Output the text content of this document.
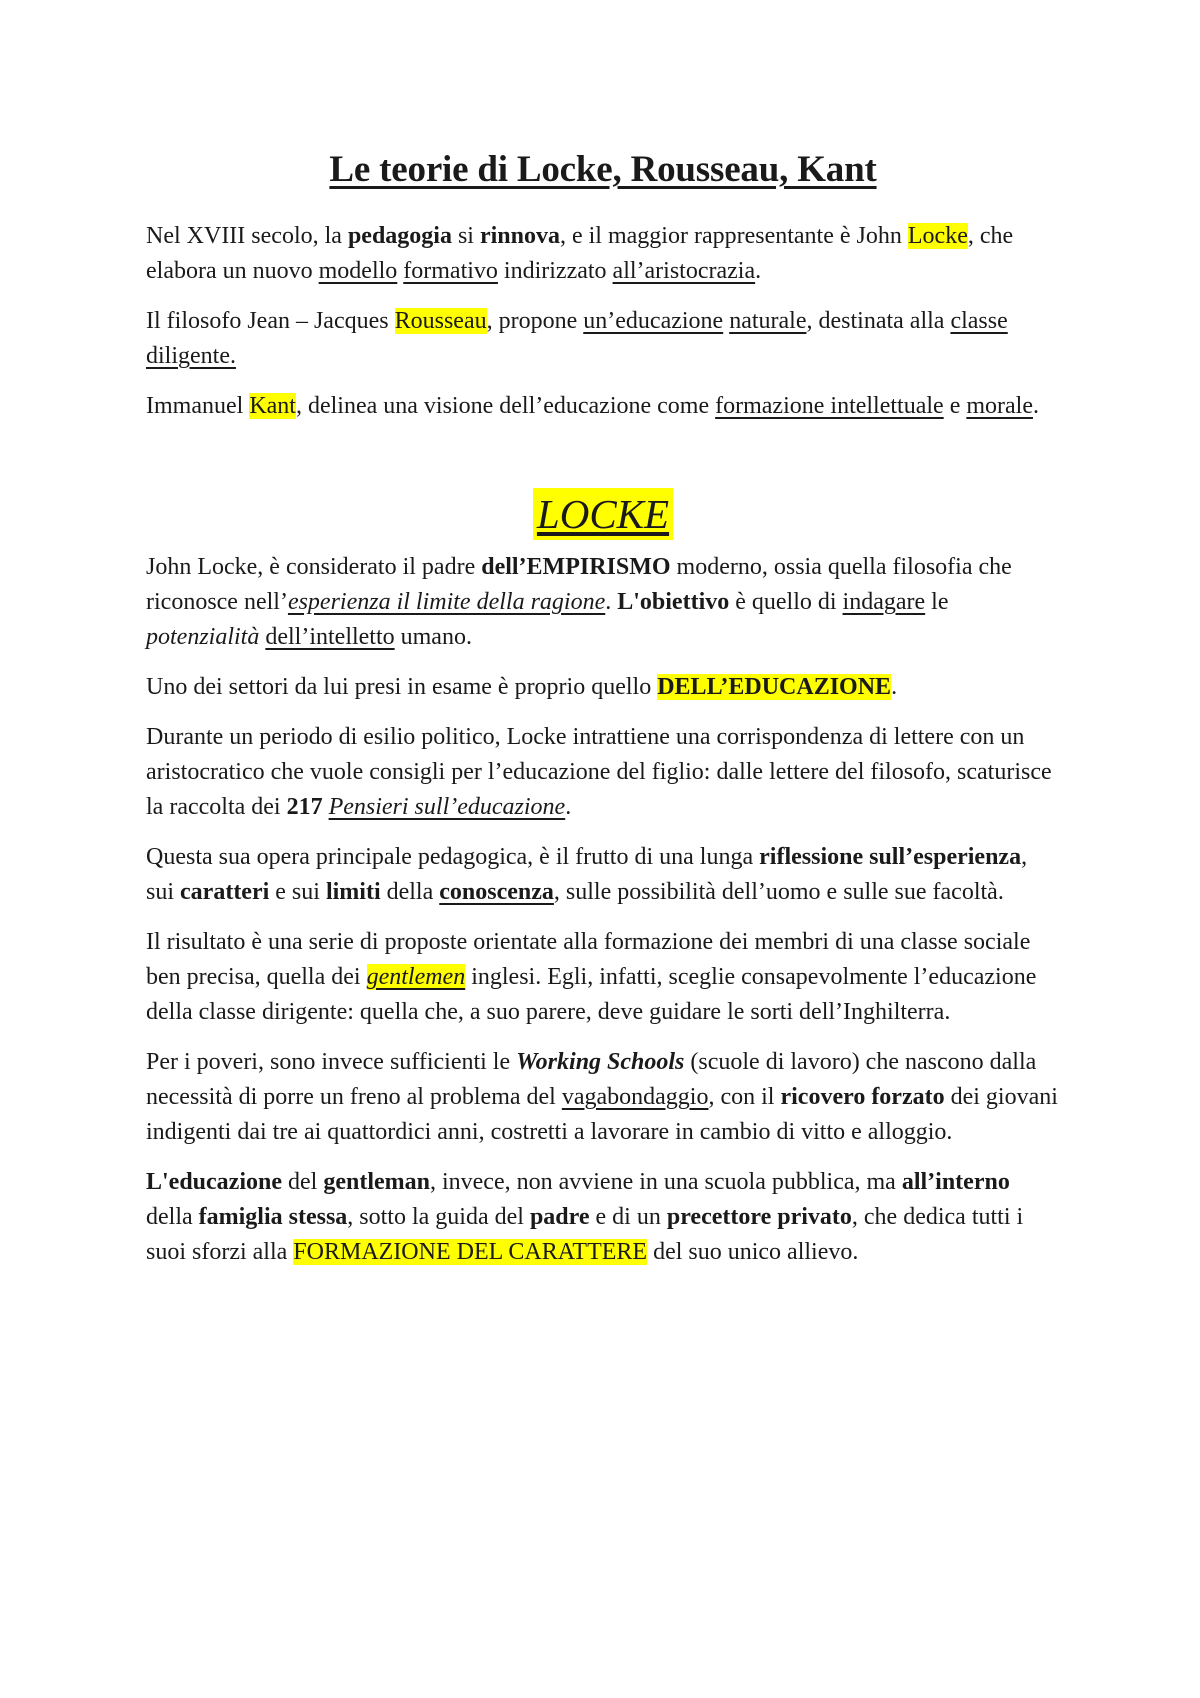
Le teorie di Locke, Rousseau, Kant

Nel XVIII secolo, la pedagogia si rinnova, e il maggior rappresentante è John Locke, che elabora un nuovo modello formativo indirizzato all’aristocrazia.

Il filosofo Jean – Jacques Rousseau, propone un’educazione naturale, destinata alla classe diligente.

Immanuel Kant, delinea una visione dell’educazione come formazione intellettuale e morale.

LOCKE

John Locke, è considerato il padre dell’EMPIRISMO moderno, ossia quella filosofia che riconosce nell’esperienza il limite della ragione. L'obiettivo è quello di indagare le potenzialità dell’intelletto umano.

Uno dei settori da lui presi in esame è proprio quello DELL’EDUCAZIONE.

Durante un periodo di esilio politico, Locke intrattiene una corrispondenza di lettere con un aristocratico che vuole consigli per l’educazione del figlio: dalle lettere del filosofo, scaturisce la raccolta dei 217 Pensieri sull’educazione.

Questa sua opera principale pedagogica, è il frutto di una lunga riflessione sull’esperienza, sui caratteri e sui limiti della conoscenza, sulle possibilità dell’uomo e sulle sue facoltà.

Il risultato è una serie di proposte orientate alla formazione dei membri di una classe sociale ben precisa, quella dei gentlemen inglesi. Egli, infatti, sceglie consapevolmente l’educazione della classe dirigente: quella che, a suo parere, deve guidare le sorti dell’Inghilterra.

Per i poveri, sono invece sufficienti le Working Schools (scuole di lavoro) che nascono dalla necessità di porre un freno al problema del vagabondaggio, con il ricovero forzato dei giovani indigenti dai tre ai quattordici anni, costretti a lavorare in cambio di vitto e alloggio.

L'educazione del gentleman, invece, non avviene in una scuola pubblica, ma all’interno della famiglia stessa, sotto la guida del padre e di un precettore privato, che dedica tutti i suoi sforzi alla FORMAZIONE DEL CARATTERE del suo unico allievo.
